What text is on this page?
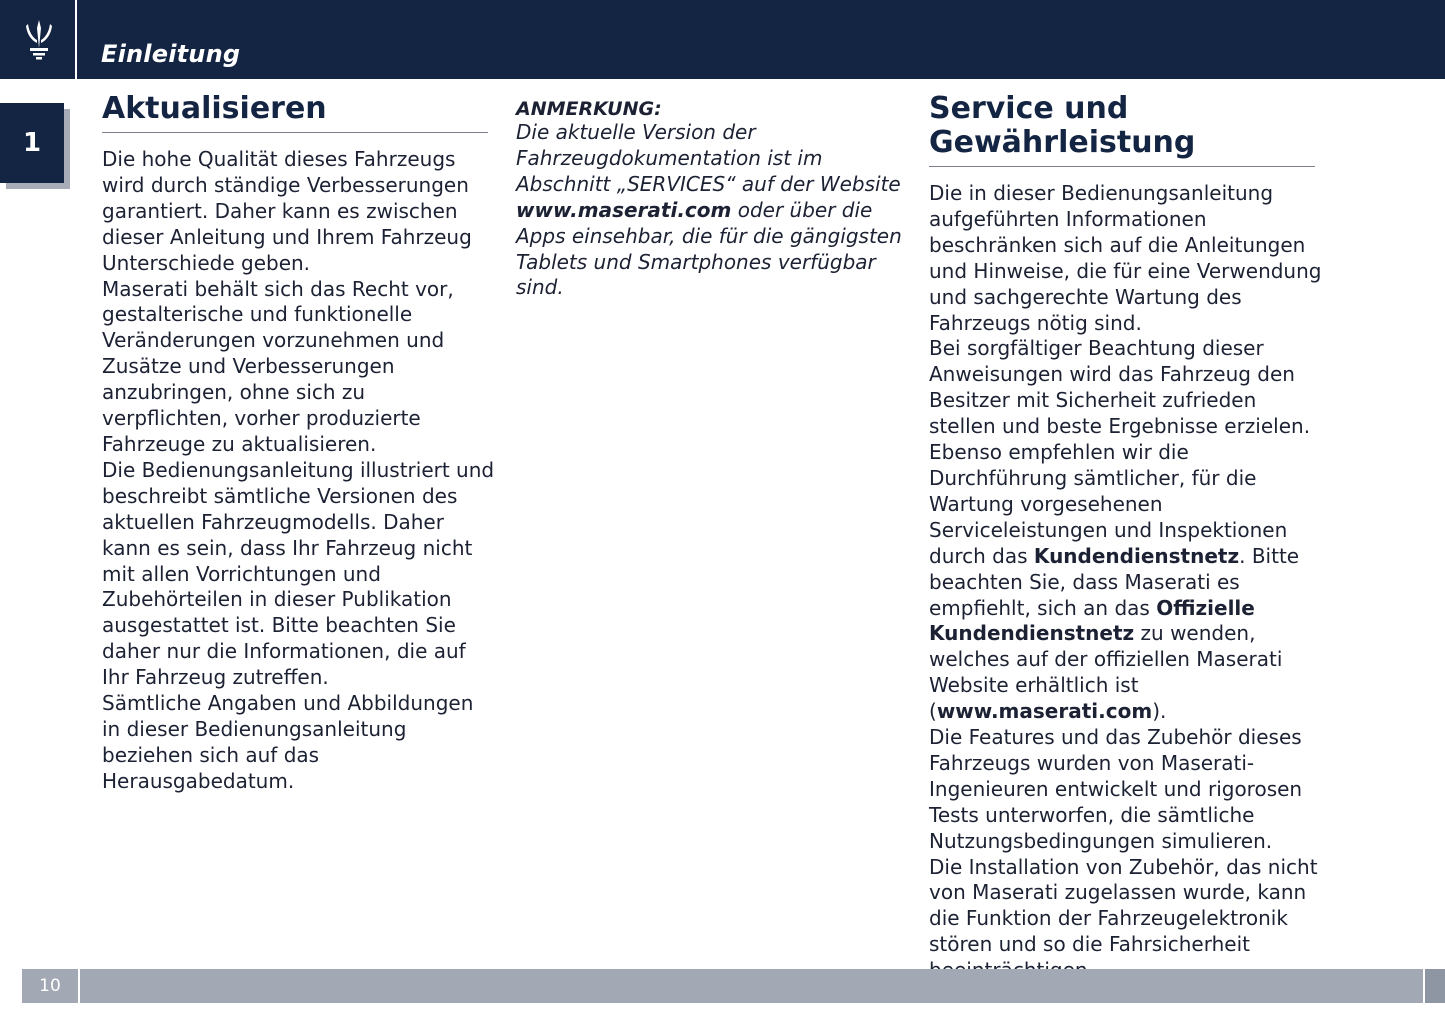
Einleitung
1
Aktualisieren

Die hohe Qualität dieses Fahrzeugs wird durch ständige Verbesserungen garantiert. Daher kann es zwischen dieser Anleitung und Ihrem Fahrzeug Unterschiede geben.

Maserati behält sich das Recht vor, gestalterische und funktionelle Veränderungen vorzunehmen und Zusätze und Verbesserungen anzubringen, ohne sich zu verpflichten, vorher produzierte Fahrzeuge zu aktualisieren.

Die Bedienungsanleitung illustriert und beschreibt sämtliche Versionen des aktuellen Fahrzeugmodells. Daher kann es sein, dass Ihr Fahrzeug nicht mit allen Vorrichtungen und Zubehörteilen in dieser Publikation ausgestattet ist. Bitte beachten Sie daher nur die Informationen, die auf Ihr Fahrzeug zutreffen.

Sämtliche Angaben und Abbildungen in dieser Bedienungsanleitung beziehen sich auf das Herausgabedatum.

ANMERKUNG:

Die aktuelle Version der Fahrzeugdokumentation ist im Abschnitt „SERVICES“ auf der Website www.maserati.com oder über die Apps einsehbar, die für die gängigsten Tablets und Smartphones verfügbar sind.

Service und Gewährleistung

Die in dieser Bedienungsanleitung aufgeführten Informationen beschränken sich auf die Anleitungen und Hinweise, die für eine Verwendung und sachgerechte Wartung des Fahrzeugs nötig sind.

Bei sorgfältiger Beachtung dieser Anweisungen wird das Fahrzeug den Besitzer mit Sicherheit zufrieden stellen und beste Ergebnisse erzielen. Ebenso empfehlen wir die Durchführung sämtlicher, für die Wartung vorgesehenen Serviceleistungen und Inspektionen durch das Kundendienstnetz. Bitte beachten Sie, dass Maserati es empfiehlt, sich an das Offizielle Kundendienstnetz zu wenden, welches auf der offiziellen Maserati Website erhältlich ist (www.maserati.com).

Die Features und das Zubehör dieses Fahrzeugs wurden von Maserati-Ingenieuren entwickelt und rigorosen Tests unterworfen, die sämtliche Nutzungsbedingungen simulieren.

Die Installation von Zubehör, das nicht von Maserati zugelassen wurde, kann die Funktion der Fahrzeugelektronik stören und so die Fahrsicherheit

10
